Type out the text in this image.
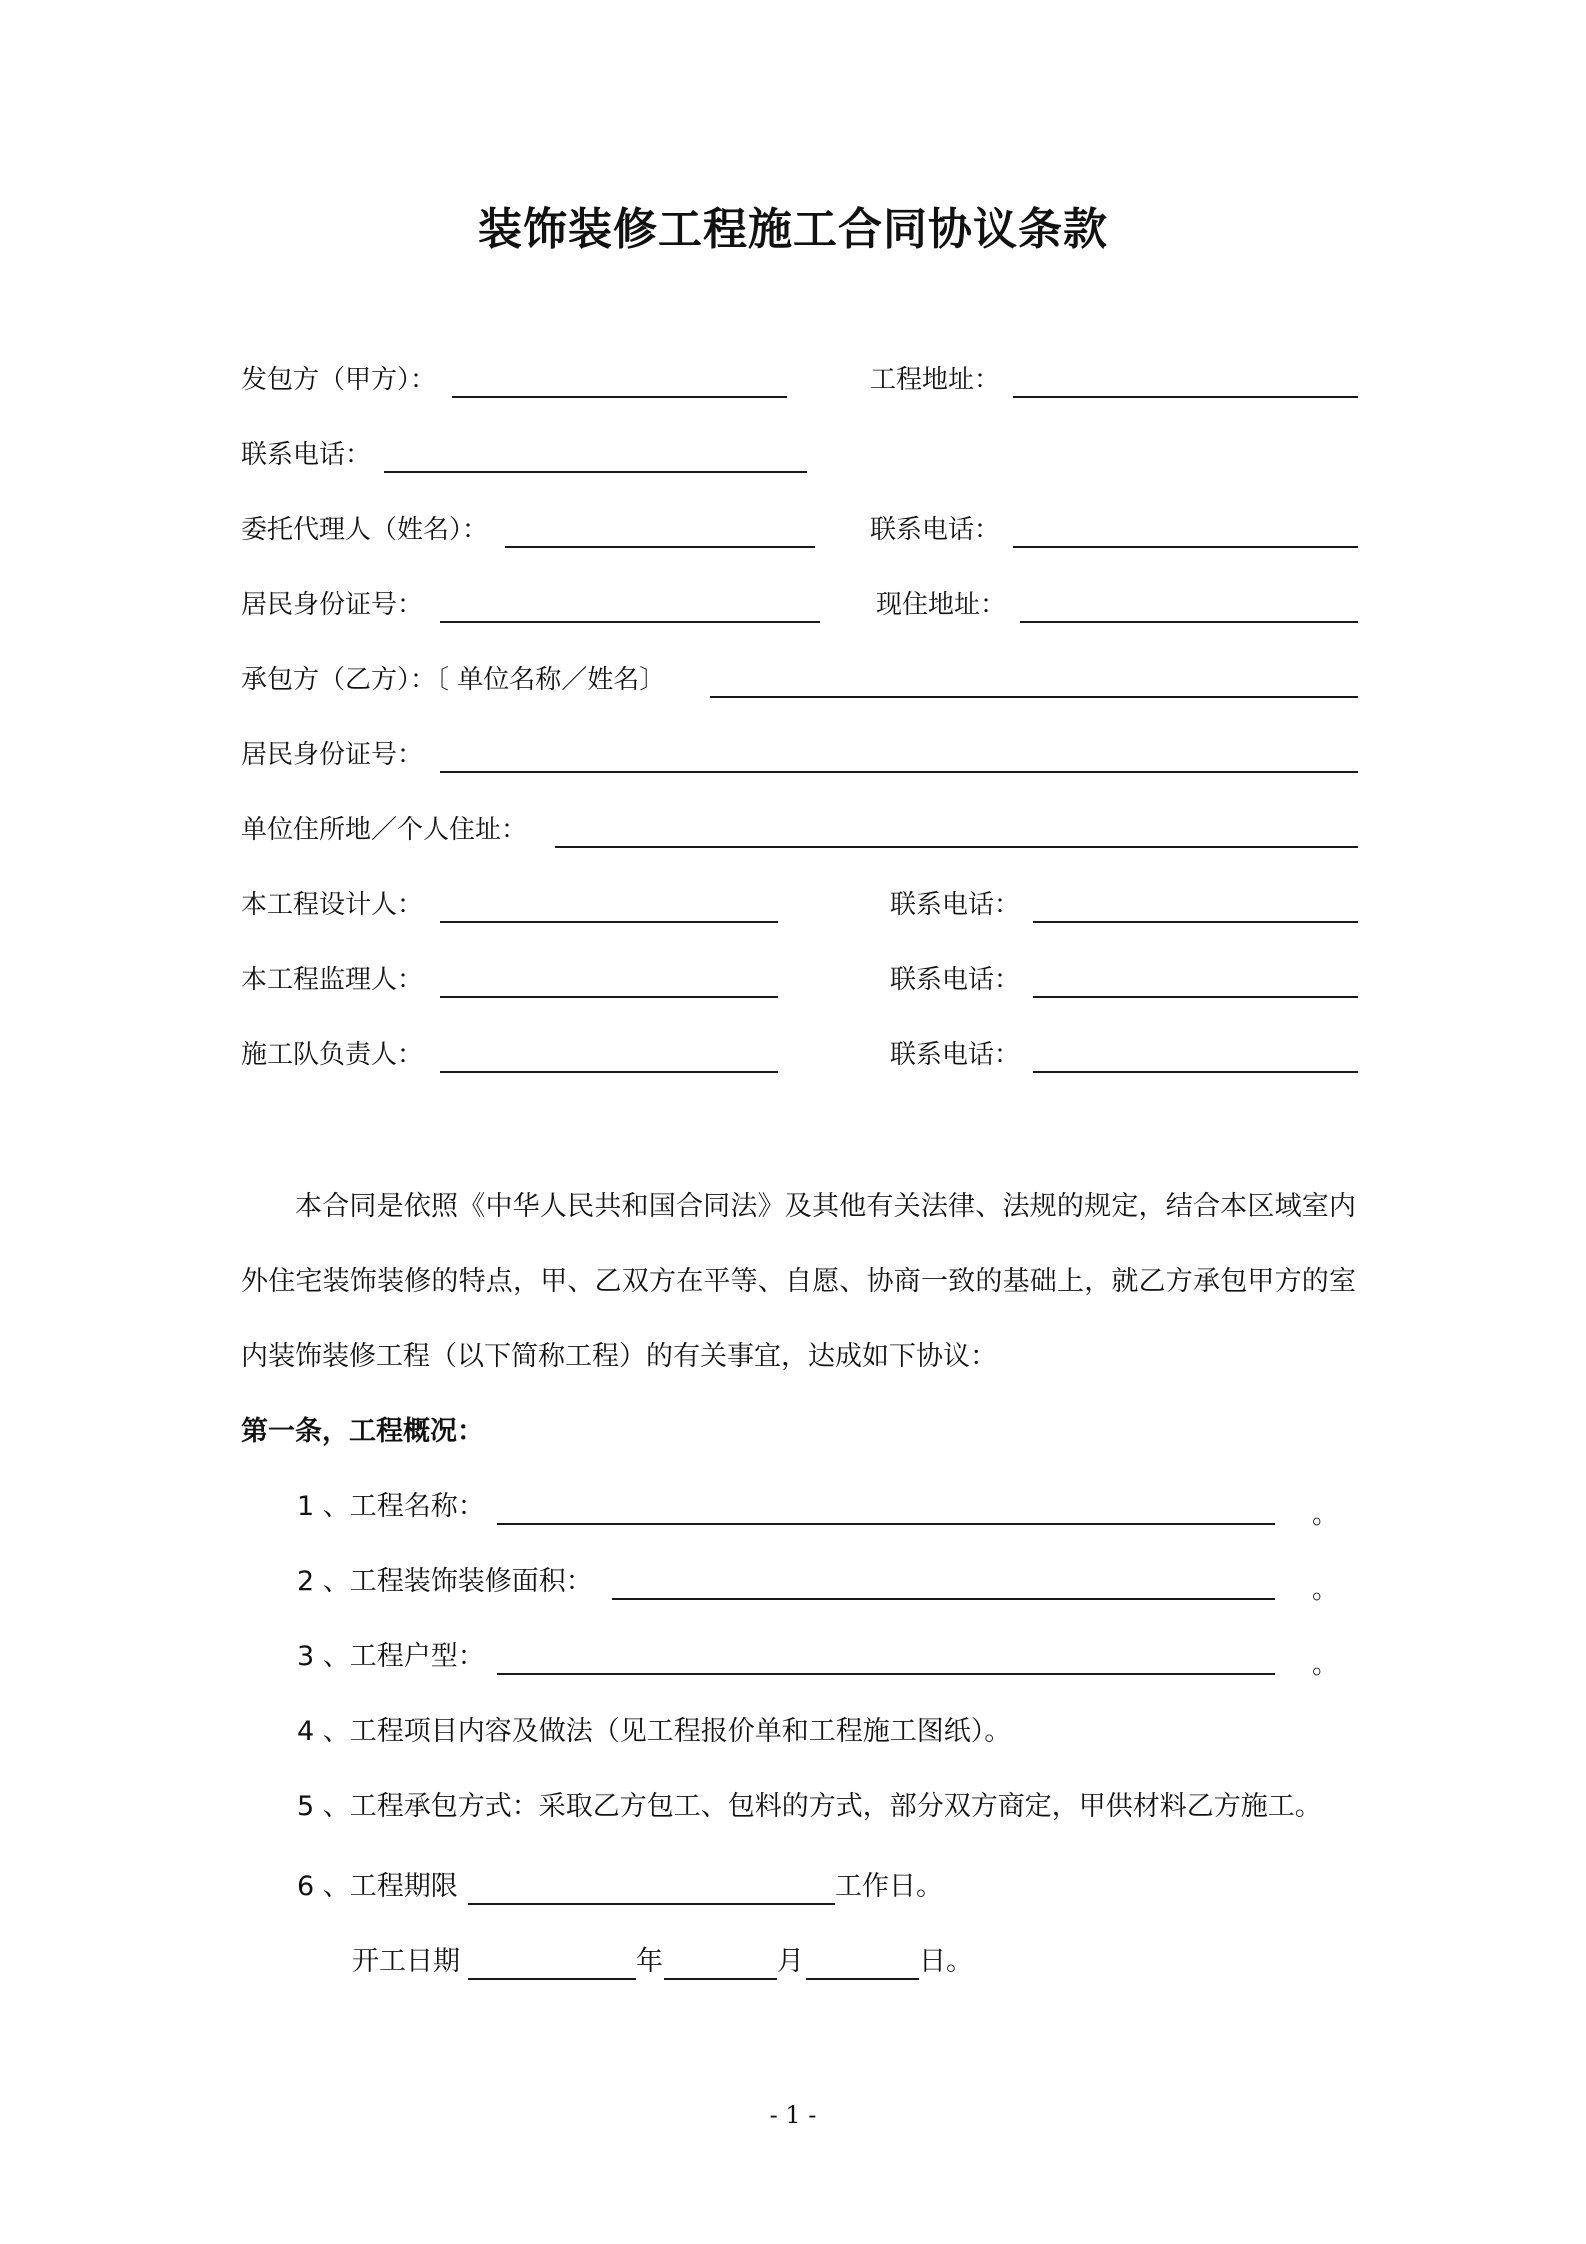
装饰装修工程施工合同协议条款
发包方（甲方）：	工程地址：
联系电话：
委托代理人（姓名）：	联系电话：
居民身份证号：	现住地址：
承包方（乙方）：〔 单位名称／姓名〕
居民身份证号：
单位住所地／个人住址：
本工程设计人：	联系电话：
本工程监理人：	联系电话：
施工队负责人：	联系电话：
本合同是依照《中华人民共和国合同法》及其他有关法律、法规的规定，结合本区域室内外住宅装饰装修的特点，甲、乙双方在平等、自愿、协商一致的基础上，就乙方承包甲方的室内装饰装修工程（以下简称工程）的有关事宜，达成如下协议：
第一条，工程概况：
1 、工程名称：	。
2 、工程装饰装修面积：	。
3 、工程户型：	。
4 、工程项目内容及做法（见工程报价单和工程施工图纸）。
5 、工程承包方式：采取乙方包工、包料的方式，部分双方商定，甲供材料乙方施工。
6 、工程期限	工作日。
开工日期	年	月	日。
- 1 -
